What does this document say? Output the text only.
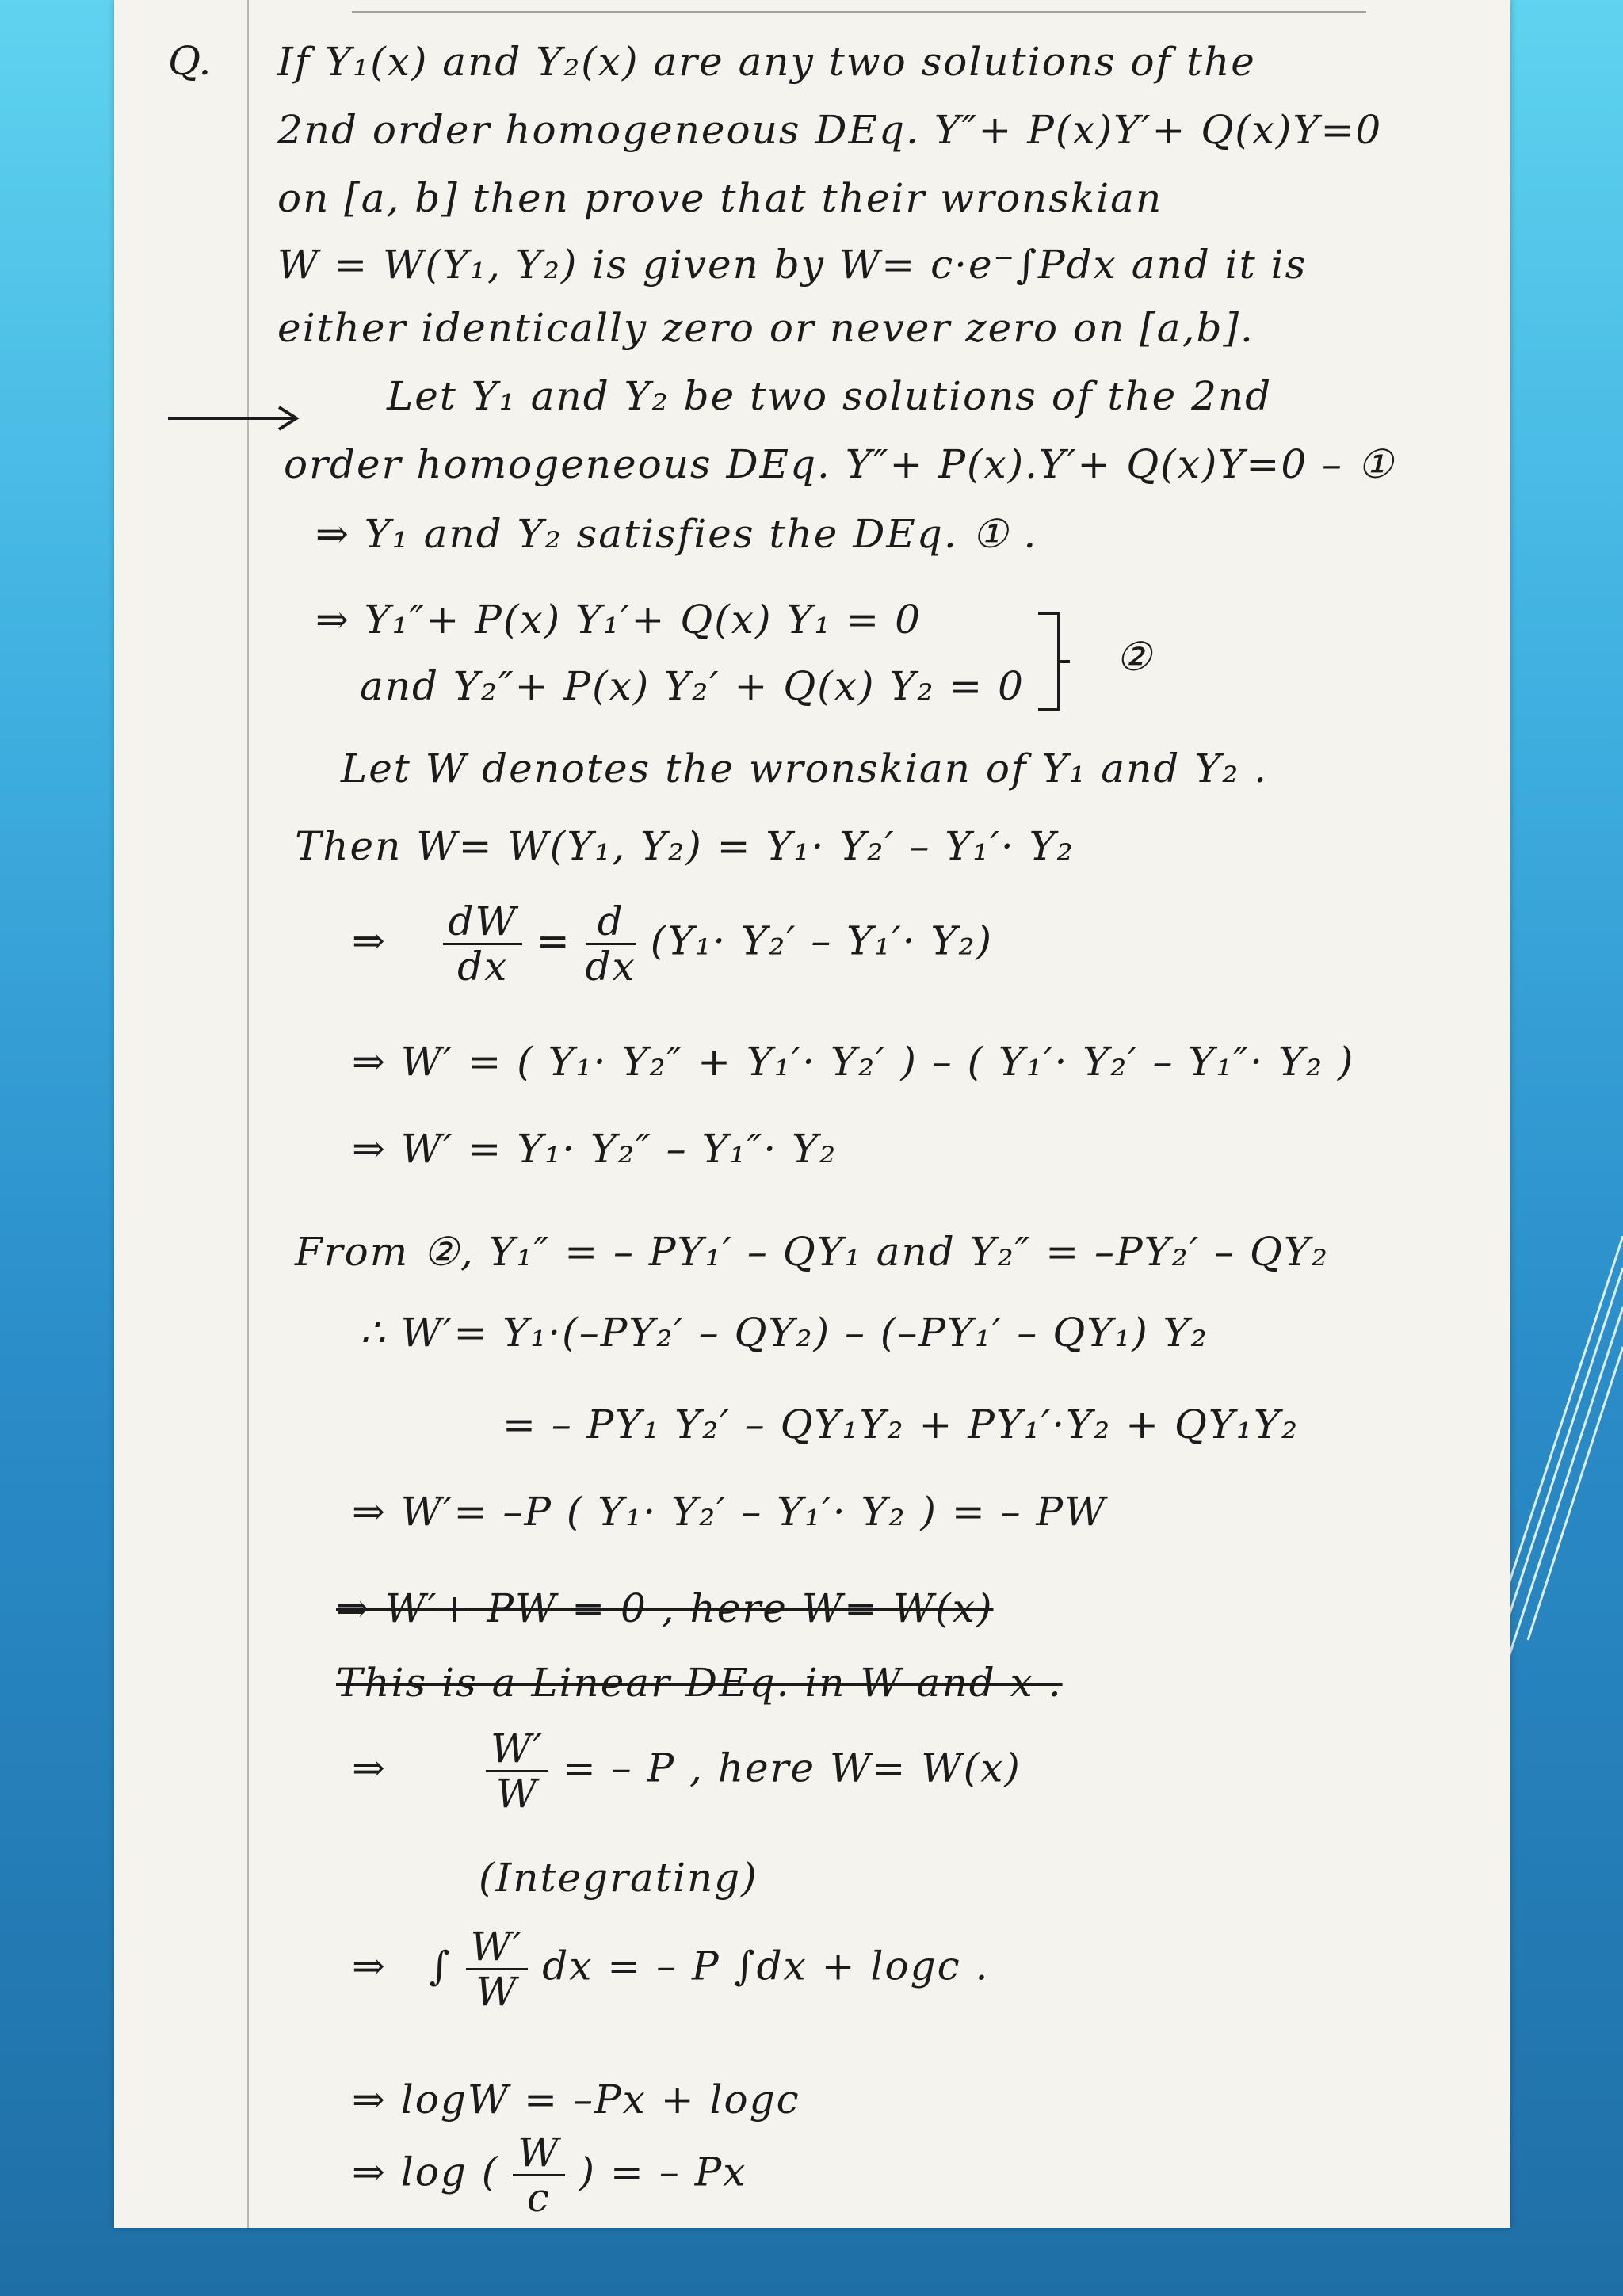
Q. If Y₁(x) and Y₂(x) are any two solutions of the
2nd order homogeneous DEq. Y″+ P(x)Y′+ Q(x)Y=0
on [a, b] then prove that their wronskian
W = W(Y₁, Y₂) is given by W= c·e⁻∫Pdx and it is
either identically zero or never zero on [a,b].
Let Y₁ and Y₂ be two solutions of the 2nd
order homogeneous DEq. Y″+ P(x).Y′+ Q(x)Y=0 – ①
⇒ Y₁ and Y₂ satisfies the DEq. ① .
⇒ Y₁″+ P(x) Y₁′+ Q(x) Y₁ = 0
and Y₂″+ P(x) Y₂′ + Q(x) Y₂ = 0
②
Let W denotes the wronskian of Y₁ and Y₂ .
Then W= W(Y₁, Y₂) = Y₁· Y₂′ – Y₁′· Y₂
⇒ $\frac{dW}{dx} = \frac{d}{dx} (Y_1\cdot Y_2' - Y_1'\cdot Y_2)$
⇒ W′ = ( Y₁· Y₂″ + Y₁′· Y₂′ ) – ( Y₁′· Y₂′ – Y₁″· Y₂ )
⇒ W′ = Y₁· Y₂″ – Y₁″· Y₂
From ②, Y₁″ = – PY₁′ – QY₁ and Y₂″ = –PY₂′ – QY₂
∴ W′= Y₁·(–PY₂′ – QY₂) – (–PY₁′ – QY₁) Y₂
= – PY₁ Y₂′ – QY₁Y₂ + PY₁′·Y₂ + QY₁Y₂
⇒ W′= –P ( Y₁· Y₂′ – Y₁′· Y₂ ) = – PW
⇒ W′+ PW = 0 , here W= W(x)
This is a Linear DEq. in W and x .
⇒	$\frac{W'}{W}$ = – P , here W= W(x)
(Integrating)
⇒ ∫ $\frac{W'}{W}$ dx = – P ∫dx + logc .
⇒ logW = –Px + logc
⇒ log ( $\frac{W}{c}$ ) = – Px
